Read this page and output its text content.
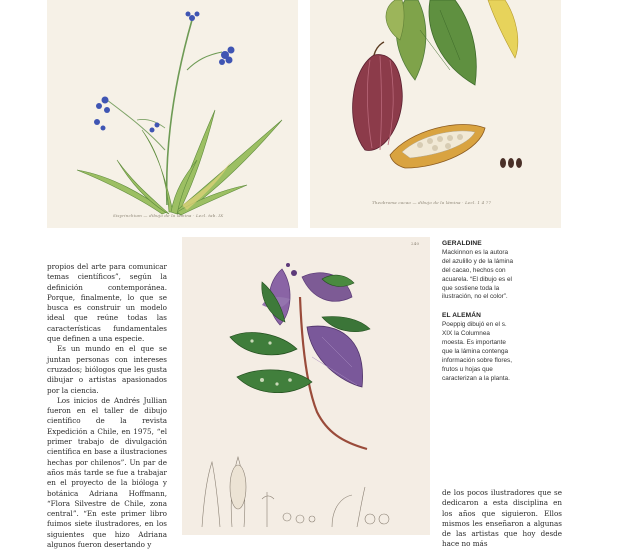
Sisyrinchium — dibujo de la lámina · Lecl. tab. IX
Theobroma cacao — dibujo de la lámina · Lecl. 1 4 77
240

propios del arte para comunicar temas científicos”, según la definición contemporánea. Porque, finalmente, lo que se busca es construir un modelo ideal que reúne todas las características fundamentales que definen a una especie.

Es un mundo en el que se juntan personas con intereses cruzados; biólogos que les gusta dibujar o artistas apasionados por la ciencia.

Los inicios de Andrés Jullian fueron en el taller de dibujo científico de la revista Expedición a Chile, en 1975, “el primer trabajo de divulgación científica en base a ilustraciones hechas por chilenos”. Un par de años más tarde se fue a trabajar en el proyecto de la bióloga y botánica Adriana Hoffmann, “Flora Silvestre de Chile, zona central”. “En este primer libro fuimos siete ilustradores, en los siguientes que hizo Adriana algunos fueron desertando y

GERALDINE

Mackinnon es la autora del azulillo y de la lámina del cacao, hechos con acuarela. “El dibujo es el que sostiene toda la ilustración, no el color”.

EL ALEMÁN

Poeppig dibujó en el s. XIX la Columnea moesta. Es importante que la lámina contenga información sobre flores, frutos u hojas que caracterizan a la planta.

de los pocos ilustradores que se dedicaron a esta disciplina en los años que siguieron. Ellos mismos les enseñaron a algunas de las artistas que hoy desde hace no más
